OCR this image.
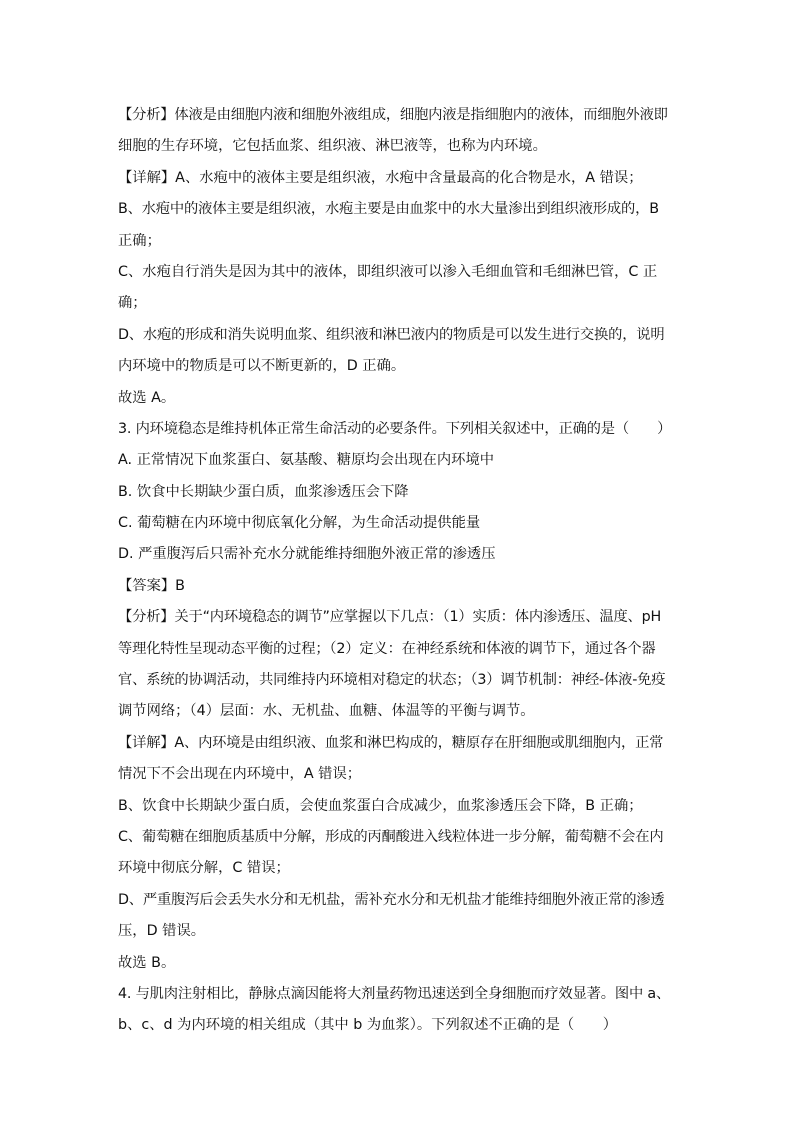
【分析】体液是由细胞内液和细胞外液组成，细胞内液是指细胞内的液体，而细胞外液即
细胞的生存环境，它包括血浆、组织液、淋巴液等，也称为内环境。
【详解】A、水疱中的液体主要是组织液，水疱中含量最高的化合物是水，A 错误；
B、水疱中的液体主要是组织液，水疱主要是由血浆中的水大量渗出到组织液形成的，B
正确；
C、水疱自行消失是因为其中的液体，即组织液可以渗入毛细血管和毛细淋巴管，C 正
确；
D、水疱的形成和消失说明血浆、组织液和淋巴液内的物质是可以发生进行交换的，说明
内环境中的物质是可以不断更新的，D 正确。
故选 A。
3. 内环境稳态是维持机体正常生命活动的必要条件。下列相关叙述中，正确的是（　　）
A. 正常情况下血浆蛋白、氨基酸、糖原均会出现在内环境中
B. 饮食中长期缺少蛋白质，血浆渗透压会下降
C. 葡萄糖在内环境中彻底氧化分解，为生命活动提供能量
D. 严重腹泻后只需补充水分就能维持细胞外液正常的渗透压
【答案】B
【分析】关于“内环境稳态的调节”应掌握以下几点：（1）实质：体内渗透压、温度、pH
等理化特性呈现动态平衡的过程；（2）定义：在神经系统和体液的调节下，通过各个器
官、系统的协调活动，共同维持内环境相对稳定的状态；（3）调节机制：神经-体液-免疫
调节网络；（4）层面：水、无机盐、血糖、体温等的平衡与调节。
【详解】A、内环境是由组织液、血浆和淋巴构成的，糖原存在肝细胞或肌细胞内，正常
情况下不会出现在内环境中，A 错误；
B、饮食中长期缺少蛋白质，会使血浆蛋白合成减少，血浆渗透压会下降，B 正确；
C、葡萄糖在细胞质基质中分解，形成的丙酮酸进入线粒体进一步分解，葡萄糖不会在内
环境中彻底分解，C 错误；
D、严重腹泻后会丢失水分和无机盐，需补充水分和无机盐才能维持细胞外液正常的渗透
压，D 错误。
故选 B。
4. 与肌肉注射相比，静脉点滴因能将大剂量药物迅速送到全身细胞而疗效显著。图中 a、
b、c、d 为内环境的相关组成（其中 b 为血浆）。下列叙述不正确的是（　　）
